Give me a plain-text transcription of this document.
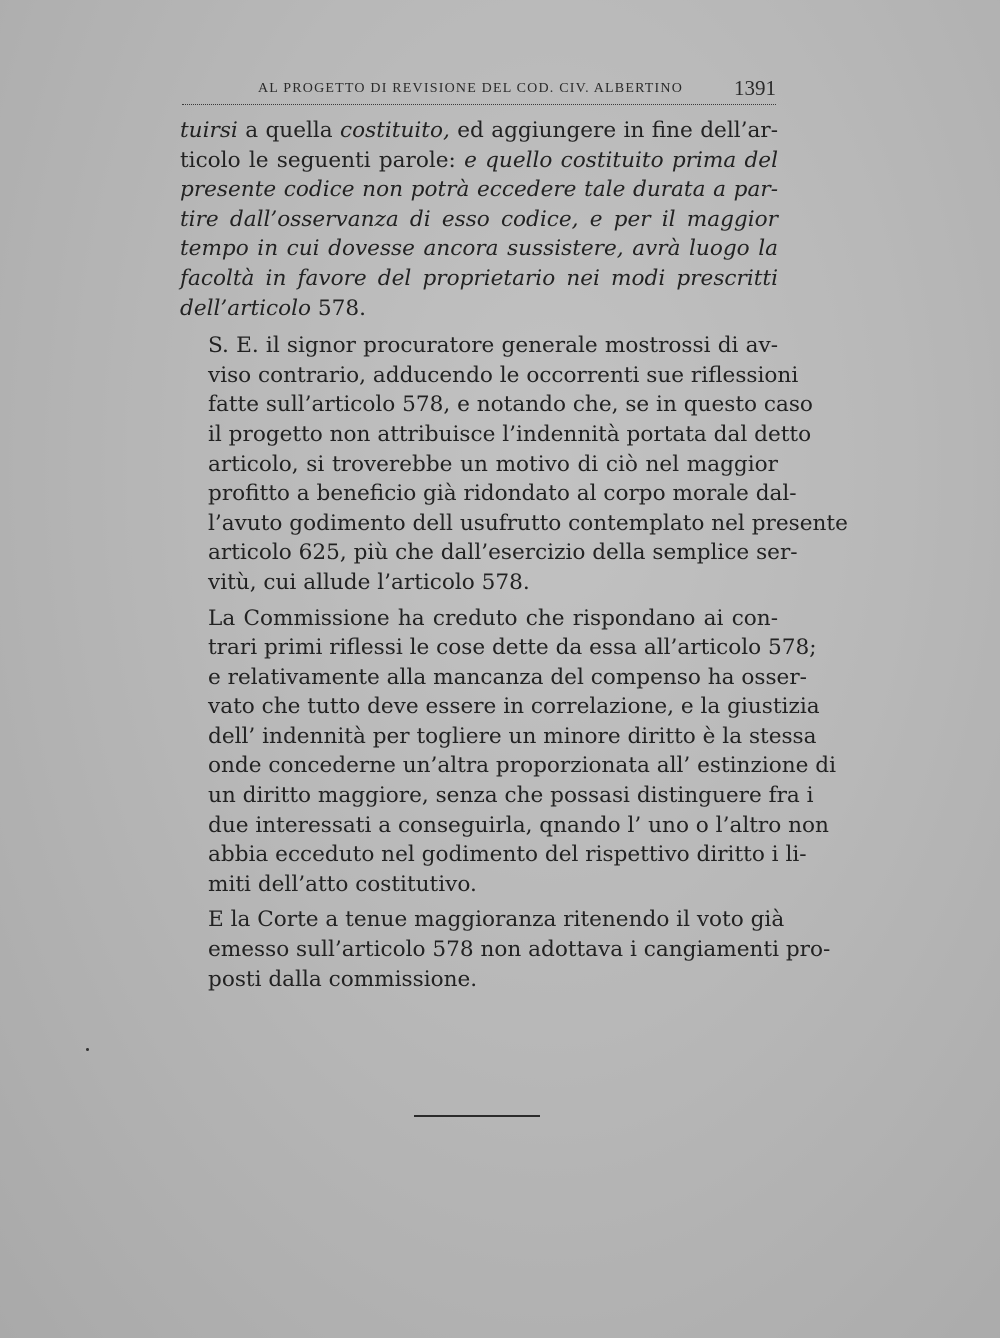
AL PROGETTO DI REVISIONE DEL COD. CIV. ALBERTINO 1391

tuirsi a quella costituito, ed aggiungere in fine dell’ar-
ticolo le seguenti parole: e quello costituito prima del
presente codice non potrà eccedere tale durata a par-
tire dall’osservanza di esso codice, e per il maggior
tempo in cui dovesse ancora sussistere, avrà luogo la
facoltà in favore del proprietario nei modi prescritti
dell’articolo 578.

S. E. il signor procuratore generale mostrossi di av-
viso contrario, adducendo le occorrenti sue riflessioni
fatte sull’articolo 578, e notando che, se in questo caso
il progetto non attribuisce l’indennità portata dal detto
articolo, si troverebbe un motivo di ciò nel maggior
profitto a beneficio già ridondato al corpo morale dal-
l’avuto godimento dell usufrutto contemplato nel presente
articolo 625, più che dall’esercizio della semplice ser-
vitù, cui allude l’articolo 578.

La Commissione ha creduto che rispondano ai con-
trari primi riflessi le cose dette da essa all’articolo 578;
e relativamente alla mancanza del compenso ha osser-
vato che tutto deve essere in correlazione, e la giustizia
dell’ indennità per togliere un minore diritto è la stessa
onde concederne un’altra proporzionata all’ estinzione di
un diritto maggiore, senza che possasi distinguere fra i
due interessati a conseguirla, qnando l’ uno o l’altro non
abbia ecceduto nel godimento del rispettivo diritto i li-
miti dell’atto costitutivo.

E la Corte a tenue maggioranza ritenendo il voto già
emesso sull’articolo 578 non adottava i cangiamenti pro-
posti dalla commissione.
